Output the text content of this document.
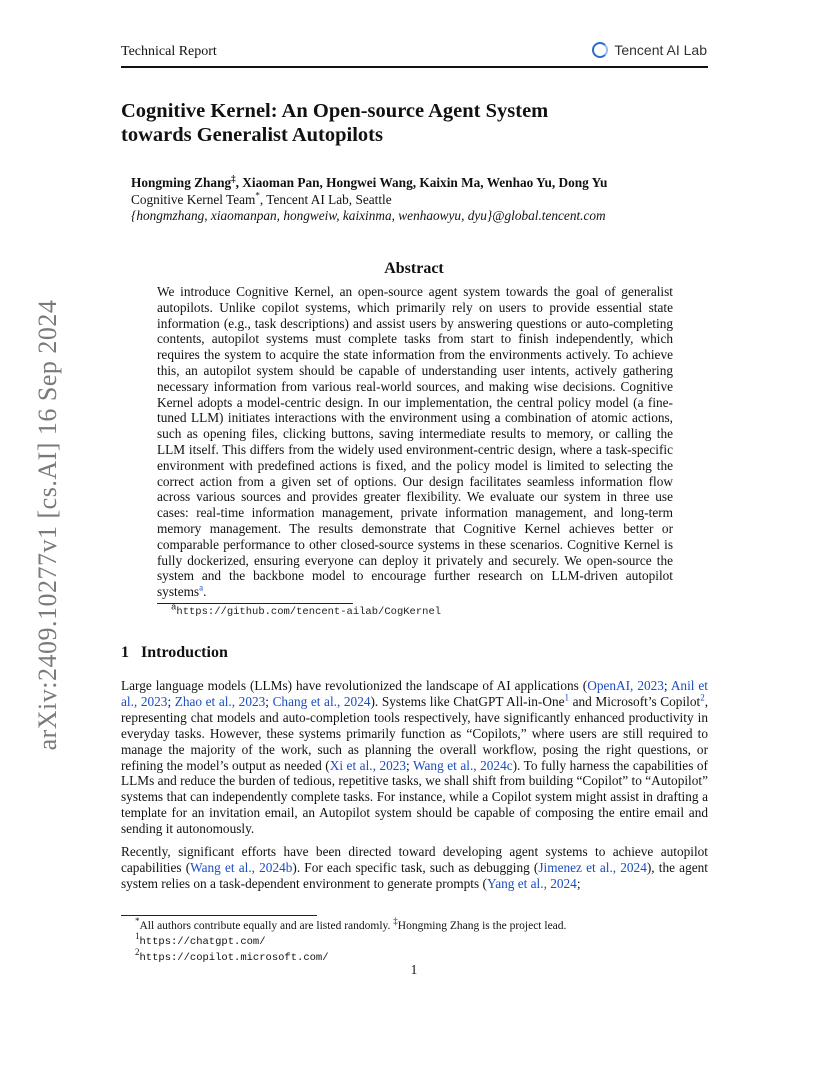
arXiv:2409.10277v1 [cs.AI] 16 Sep 2024
Technical Report	Tencent AI Lab
Cognitive Kernel: An Open-source Agent System
towards Generalist Autopilots
Hongming Zhang‡, Xiaoman Pan, Hongwei Wang, Kaixin Ma, Wenhao Yu, Dong Yu
Cognitive Kernel Team*, Tencent AI Lab, Seattle
{hongmzhang, xiaomanpan, hongweiw, kaixinma, wenhaowyu, dyu}@global.tencent.com
Abstract
We introduce Cognitive Kernel, an open-source agent system towards the goal of generalist autopilots. Unlike copilot systems, which primarily rely on users to provide essential state information (e.g., task descriptions) and assist users by answering questions or auto-completing contents, autopilot systems must complete tasks from start to finish independently, which requires the system to acquire the state information from the environments actively. To achieve this, an autopilot system should be capable of understanding user intents, actively gathering necessary information from various real-world sources, and making wise decisions. Cognitive Kernel adopts a model-centric design. In our implementation, the central policy model (a fine-tuned LLM) initiates interactions with the environment using a combination of atomic actions, such as opening files, clicking buttons, saving intermediate results to memory, or calling the LLM itself. This differs from the widely used environment-centric design, where a task-specific environment with predefined actions is fixed, and the policy model is limited to selecting the correct action from a given set of options. Our design facilitates seamless information flow across various sources and provides greater flexibility. We evaluate our system in three use cases: real-time information management, private information management, and long-term memory management. The results demonstrate that Cognitive Kernel achieves better or comparable performance to other closed-source systems in these scenarios. Cognitive Kernel is fully dockerized, ensuring everyone can deploy it privately and securely. We open-source the system and the backbone model to encourage further research on LLM-driven autopilot systems$^a$.
$^a$https://github.com/tencent-ailab/CogKernel
1 Introduction

Large language models (LLMs) have revolutionized the landscape of AI applications (OpenAI, 2023; Anil et al., 2023; Zhao et al., 2023; Chang et al., 2024). Systems like ChatGPT All-in-One$^1$ and Microsoft’s Copilot$^2$, representing chat models and auto-completion tools respectively, have significantly enhanced productivity in everyday tasks. However, these systems primarily function as “Copilots,” where users are still required to manage the majority of the work, such as planning the overall workflow, posing the right questions, or refining the model’s output as needed (Xi et al., 2023; Wang et al., 2024c). To fully harness the capabilities of LLMs and reduce the burden of tedious, repetitive tasks, we shall shift from building “Copilot” to “Autopilot” systems that can independently complete tasks. For instance, while a Copilot system might assist in drafting a template for an invitation email, an Autopilot system should be capable of composing the entire email and sending it autonomously.

Recently, significant efforts have been directed toward developing agent systems to achieve autopilot capabilities (Wang et al., 2024b). For each specific task, such as debugging (Jimenez et al., 2024), the agent system relies on a task-dependent environment to generate prompts (Yang et al., 2024;

*All authors contribute equally and are listed randomly. ‡Hongming Zhang is the project lead.
$^1$https://chatgpt.com/
$^2$https://copilot.microsoft.com/
1
